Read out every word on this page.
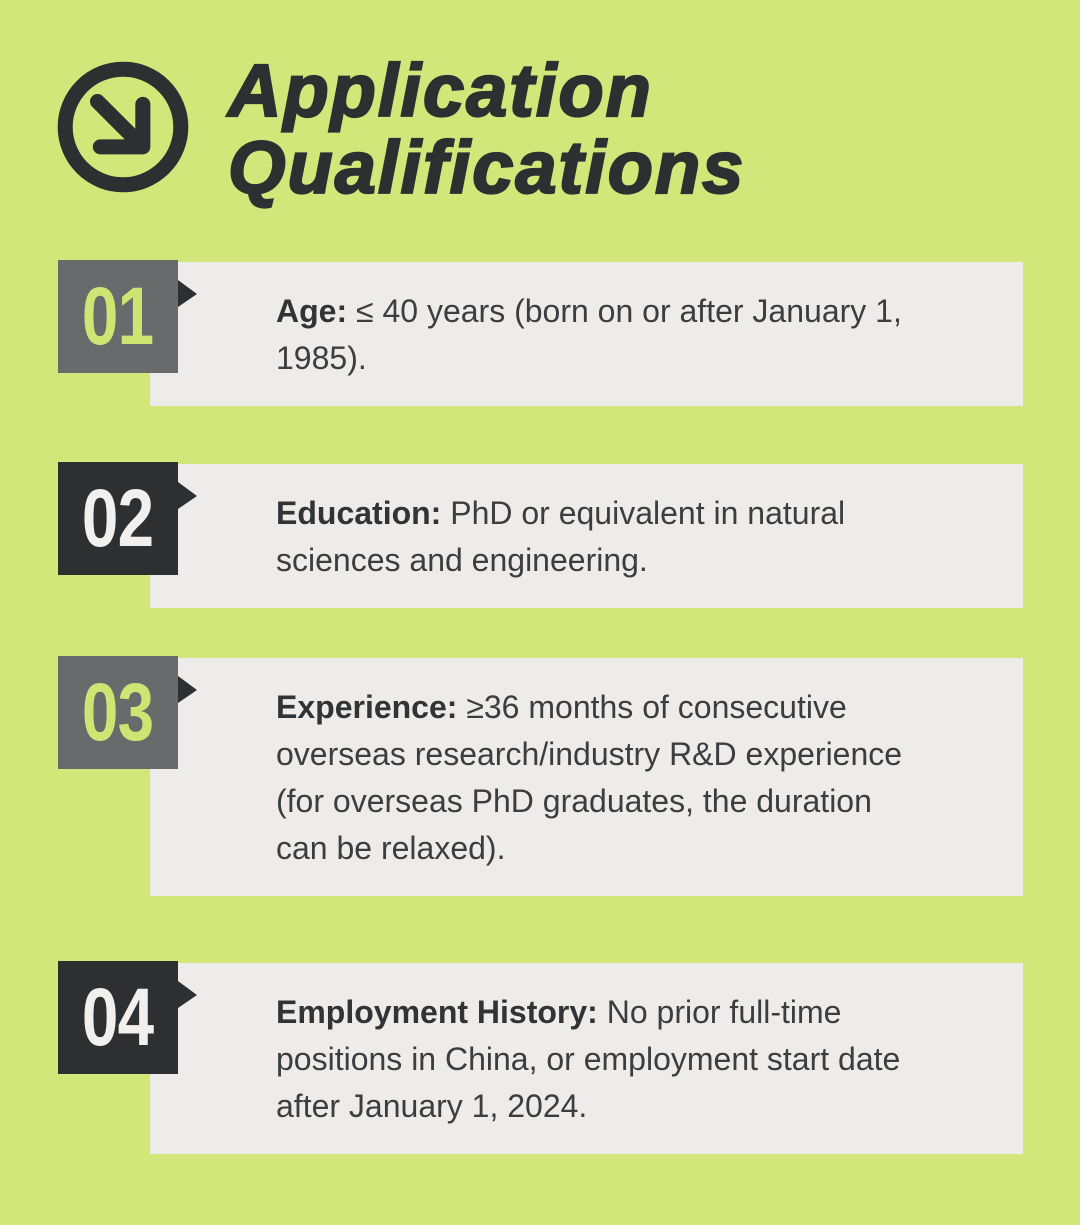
Application
Qualifications
01	Age: ≤ 40 years (born on or after January 1,
1985).
02	Education: PhD or equivalent in natural
sciences and engineering.
03	Experience: ≥36 months of consecutive
overseas research/industry R&D experience
(for overseas PhD graduates, the duration
can be relaxed).
04	Employment History: No prior full-time
positions in China, or employment start date
after January 1, 2024.
